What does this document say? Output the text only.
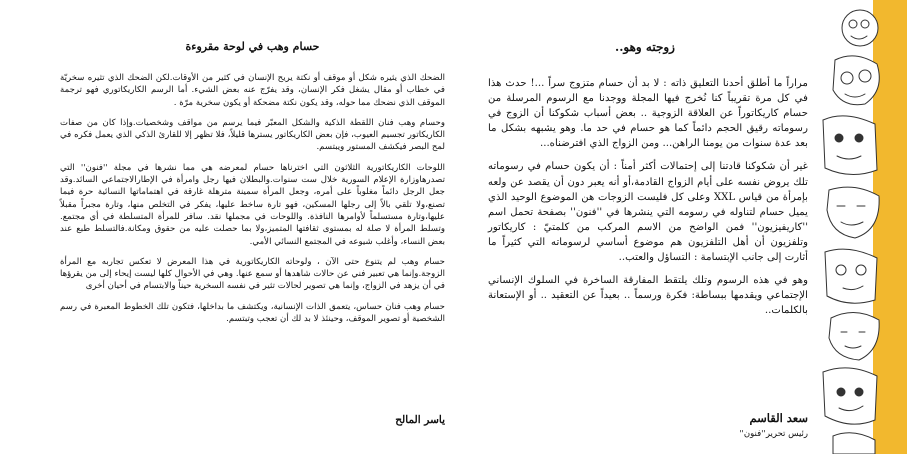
حسام وهب في لوحة مقروءة

الضحك الذي يثيره شكل أو موقف أو نكتة يريح الإنسان في كثير من الأوقات.لكن الضحك الذي تثيره سخريّة في خطاب أو مقال يشغل فكر الإنسان، وقد يفرّج عنه بعض الشيء. أما الرسم الكاريكاتوري فهو ترجمة الموقف الذي نضحك مما حوله، وقد يكون نكتة مضحكة أو يكون سخرية مرّة .

وحسام وهب فنان اللقطة الذكية والشكل المعبّر فيما يرسم من مواقف وشخصيات.وإذا كان من صفات الكاريكاتور تجسيم العيوب، فإن بعض الكاريكاتور يسترها قليلاً، فلا تظهر إلا للقارئ الذكي الذي يعمل فكره في لمح البصر فيكشف المستور ويبتسم.

اللوحات الكاريكاتورية الثلاثون التي اخترناها حسام لمعرضه هي مما نشرها في مجلة ''فنون'' التي تصدرهاوزارة الإعلام السورية خلال ست سنوات.والبطلان فيها رجل وامرأة في الإطارالاجتماعي السائد.وقد جعل الرجل دائماً مغلوباً على أمره، وجعل المرأة سمينة مترهلة غارقة في اهتماماتها النسائية حرة فيما تصنع،ولا تلقي بالاً إلى رجلها المسكين، فهو تارة ساخط عليها، يفكر في التخلص منها، وتارة مجبراً مقبلاً عليها،وتارة مستسلماً لأوامرها النافذة. واللوحات في مجملها نقد. سافر للمرأة المتسلطة في أي مجتمع. وتسلط المرأة لا صلة له بمستوى ثقافتها المتميز،ولا بما حصلت عليه من حقوق ومكانة.فالتسلط طبع عند بعض النساء، وأغلب شيوعه في المجتمع النسائي الأمي.

حسام وهب لم يتنوع حتى الآن ، ولوحاته الكاريكاتورية في هذا المعرض لا تعكس تجاربه مع المرأة الزوجة.وإنما هي تعبير فني عن حالات شاهدها أو سمع عنها. وهي في الأحوال كلها ليست إيحاء إلى من يقرؤها في أن يزهد في الزواج، وإنما هي تصوير لحالات تثير في نفسه السخرية حيناً والابتسام في أحيان أخرى

حسام وهب فنان حساس، يتعمق الذات الإنسانية، ويكتشف ما بداخلها، فتكون تلك الخطوط المعبرة في رسم الشخصية أو تصوير الموقف، وحينئذ لا بد لك أن تعجب وتبتسم.

ياسر المالح
زوجته وهو..

مراراً ما أطلق أحدنا التعليق ذاته : لا بد أن حسام متزوج سراً ...! حدث هذا في كل مرة تقريباً كنا نُخرج فيها المجلة ووجدنا مع الرسوم المرسلة من حسام كاريكاتوراً عن العلاقة الزوجية .. بعض أسباب شكوكنا أن الزوج في رسوماته رقيق الحجم دائماً كما هو حسام في حد ما. وهو يشبهه بشكل ما بعد عدة سنوات من يومنا الراهن... ومن الزواج الذي افترضناه...

غير أن شكوكنا قادتنا إلى إحتمالات أكثر أمناً : أن يكون حسام في رسوماته تلك يروض نفسه على أيام الزواج القادمة،أو أنه يعبر دون أن يقصد عن ولعه بإمرأة من قياس XXL وعلى كل فليست الزوجات هن الموضوع الوحيد الذي يميل حسام لتناوله في رسومه التي ينشرها في ''فنون'' بصفحة تحمل اسم ''كاريفيزيون'' فمن الواضح من الاسم المركب من كلمتيّ : كاريكاتور وتلفزيون أن أهل التلفزيون هم موضوع أساسي لرسوماته التي كثيراً ما أثارت إلى جانب الإبتسامة : التساؤل والعتب..

وهو في هذه الرسوم وتلك يلتقط المفارقة الساخرة في السلوك الإنساني الإجتماعي ويقدمها ببساطة: فكرة ورسماً .. بعيداً عن التعقيد .. أو الإستعانة بالكلمات..

سعد القاسم
رئيس تحرير''فنون''
